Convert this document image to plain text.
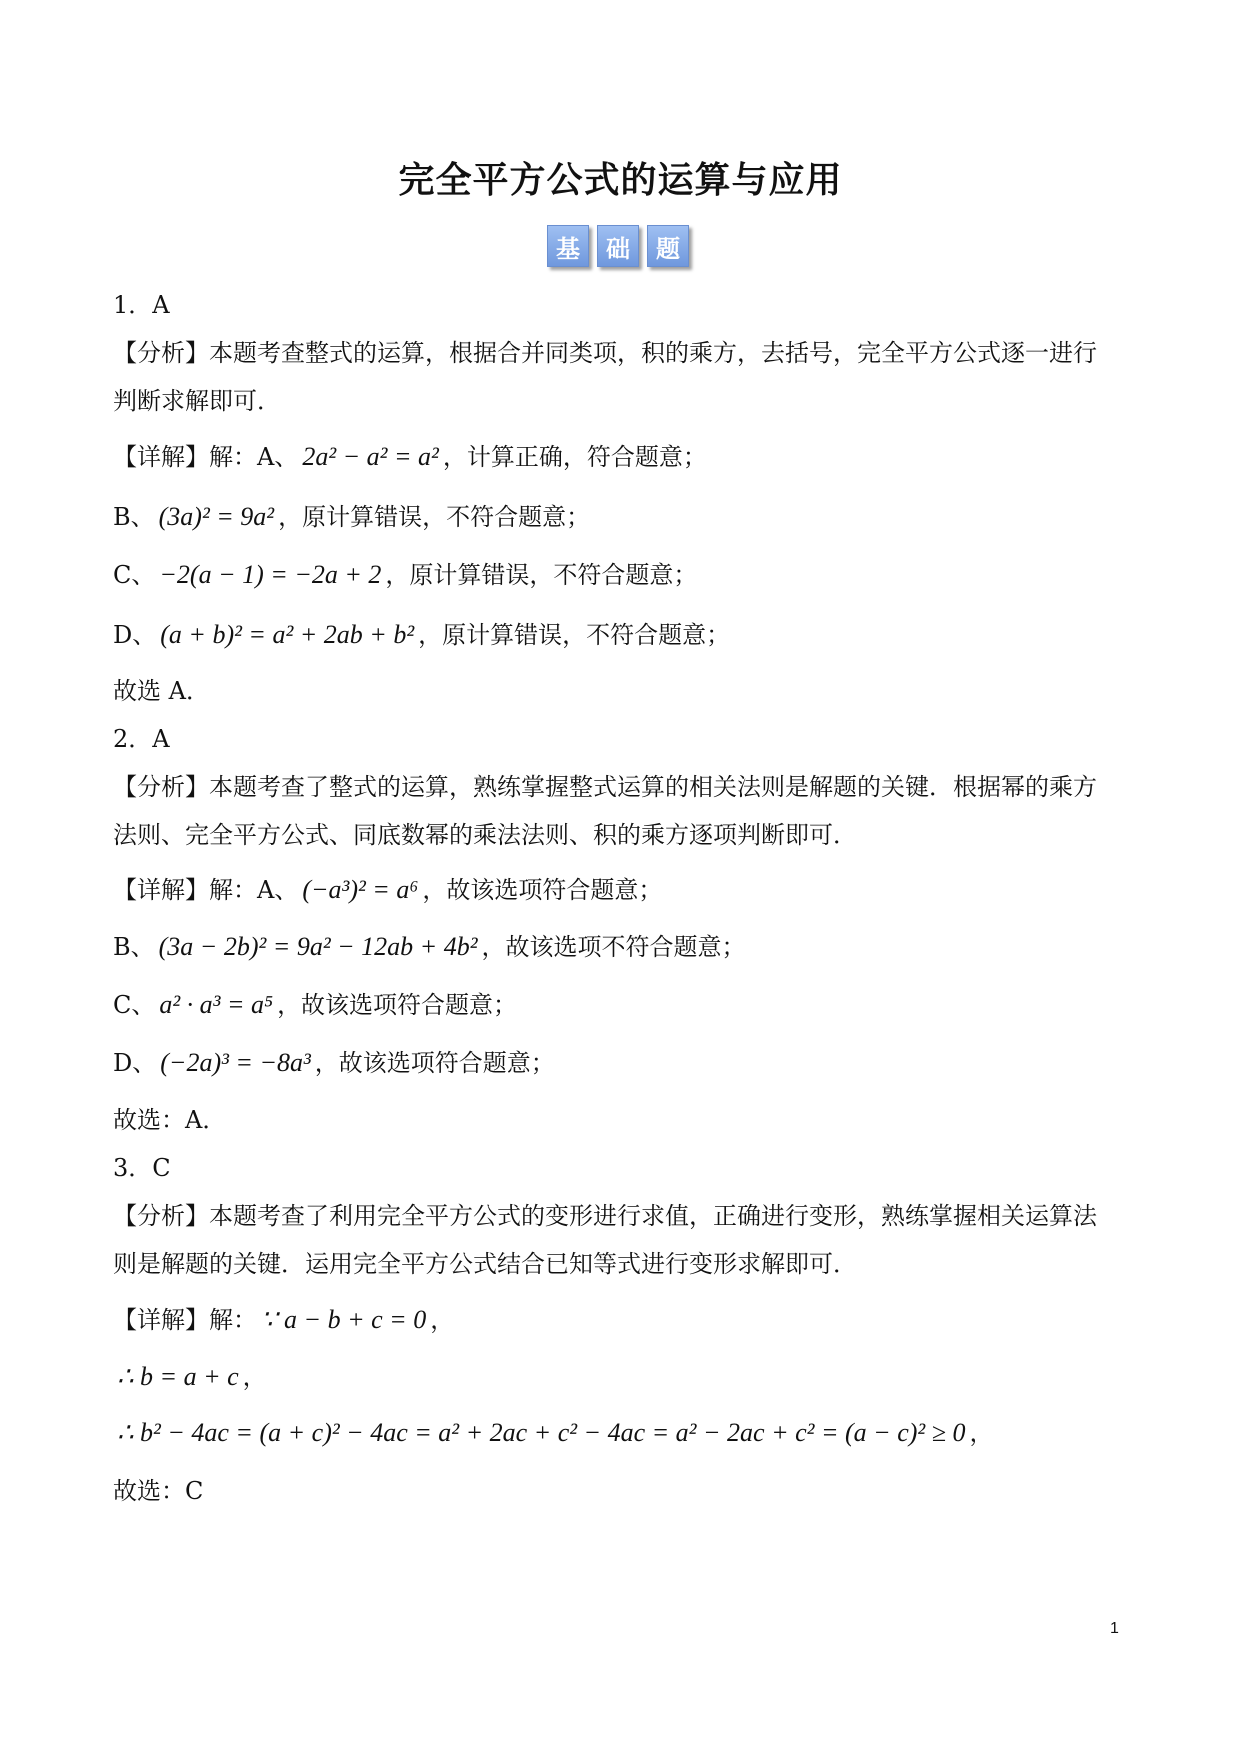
完全平方公式的运算与应用
基	础	题
1．A
【分析】本题考查整式的运算，根据合并同类项，积的乘方，去括号，完全平方公式逐一进行
判断求解即可．
【详解】解：A、 2a² − a² = a² ，计算正确，符合题意；
B、 (3a)² = 9a² ，原计算错误，不符合题意；
C、 −2(a − 1) = −2a + 2 ，原计算错误，不符合题意；
D、 (a + b)² = a² + 2ab + b² ，原计算错误，不符合题意；
故选 A．
2．A
【分析】本题考查了整式的运算，熟练掌握整式运算的相关法则是解题的关键．根据幂的乘方
法则、完全平方公式、同底数幂的乘法法则、积的乘方逐项判断即可．
【详解】解：A、 (−a³)² = a⁶ ，故该选项符合题意；
B、 (3a − 2b)² = 9a² − 12ab + 4b² ，故该选项不符合题意；
C、 a² · a³ = a⁵ ，故该选项符合题意；
D、 (−2a)³ = −8a³ ，故该选项符合题意；
故选：A．
3．C
【分析】本题考查了利用完全平方公式的变形进行求值，正确进行变形，熟练掌握相关运算法
则是解题的关键．运用完全平方公式结合已知等式进行变形求解即可．
【详解】解： ∵ a − b + c = 0 ，
∴ b = a + c ，
∴ b² − 4ac = (a + c)² − 4ac = a² + 2ac + c² − 4ac = a² − 2ac + c² = (a − c)² ≥ 0 ，
故选：C
1
